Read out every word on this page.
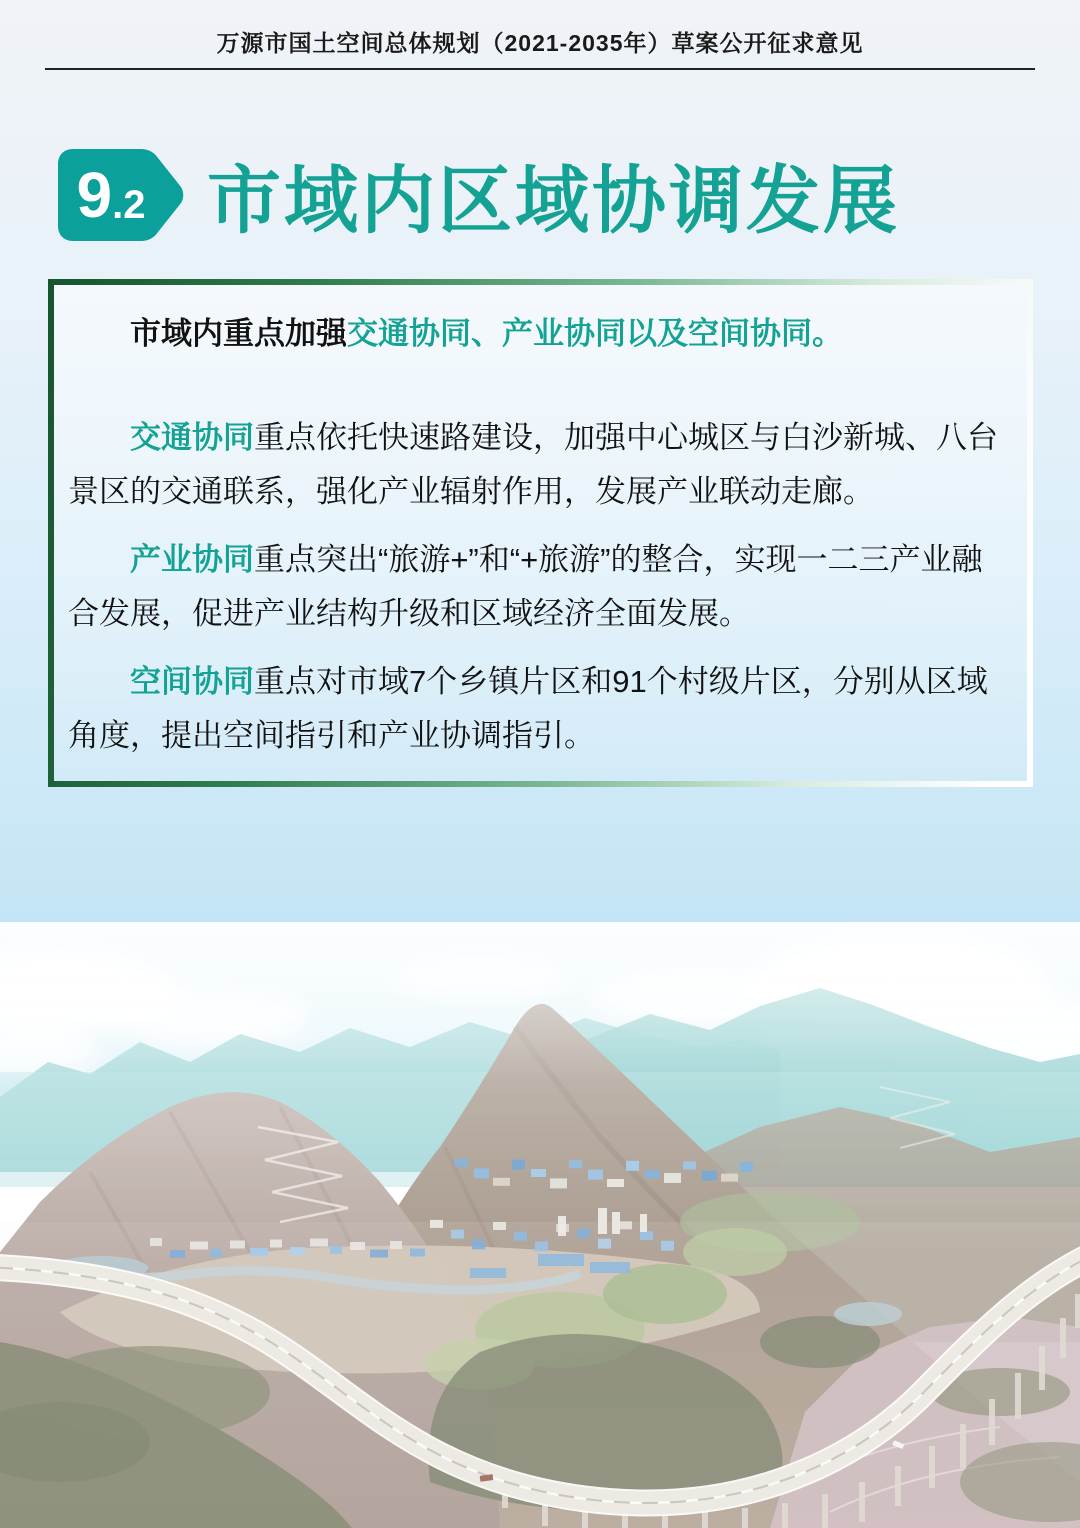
万源市国土空间总体规划（2021-2035年）草案公开征求意见
9 .2 市域内区域协调发展

市域内重点加强交通协同、产业协同以及空间协同。

交通协同重点依托快速路建设，加强中心城区与白沙新城、八台景区的交通联系，强化产业辐射作用，发展产业联动走廊。

产业协同重点突出“旅游+”和“+旅游”的整合，实现一二三产业融合发展，促进产业结构升级和区域经济全面发展。

空间协同重点对市域7个乡镇片区和91个村级片区，分别从区域角度，提出空间指引和产业协调指引。
